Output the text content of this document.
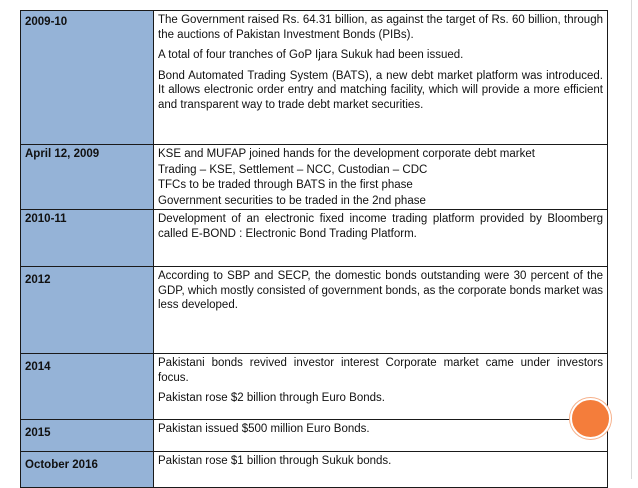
2009-10	The Government raised Rs. 64.31 billion, as against the target of Rs. 60 billion, through the auctions of Pakistan Investment Bonds (PIBs).

A total of four tranches of GoP Ijara Sukuk had been issued.

Bond Automated Trading System (BATS), a new debt market platform was introduced. It allows electronic order entry and matching facility, which will provide a more efficient and transparent way to trade debt market securities.

April 12, 2009	KSE and MUFAP joined hands for the development corporate debt market

Trading – KSE, Settlement – NCC, Custodian – CDC

TFCs to be traded through BATS in the first phase

Government securities to be traded in the 2nd phase

2010-11	Development of an electronic fixed income trading platform provided by Bloomberg called E-BOND : Electronic Bond Trading Platform.

2012	According to SBP and SECP, the domestic bonds outstanding were 30 percent of the GDP, which mostly consisted of government bonds, as the corporate bonds market was less developed.

2014	Pakistani bonds revived investor interest Corporate market came under investors focus.

Pakistan rose $2 billion through Euro Bonds.

2015	Pakistan issued $500 million Euro Bonds.

October 2016	Pakistan rose $1 billion through Sukuk bonds.
